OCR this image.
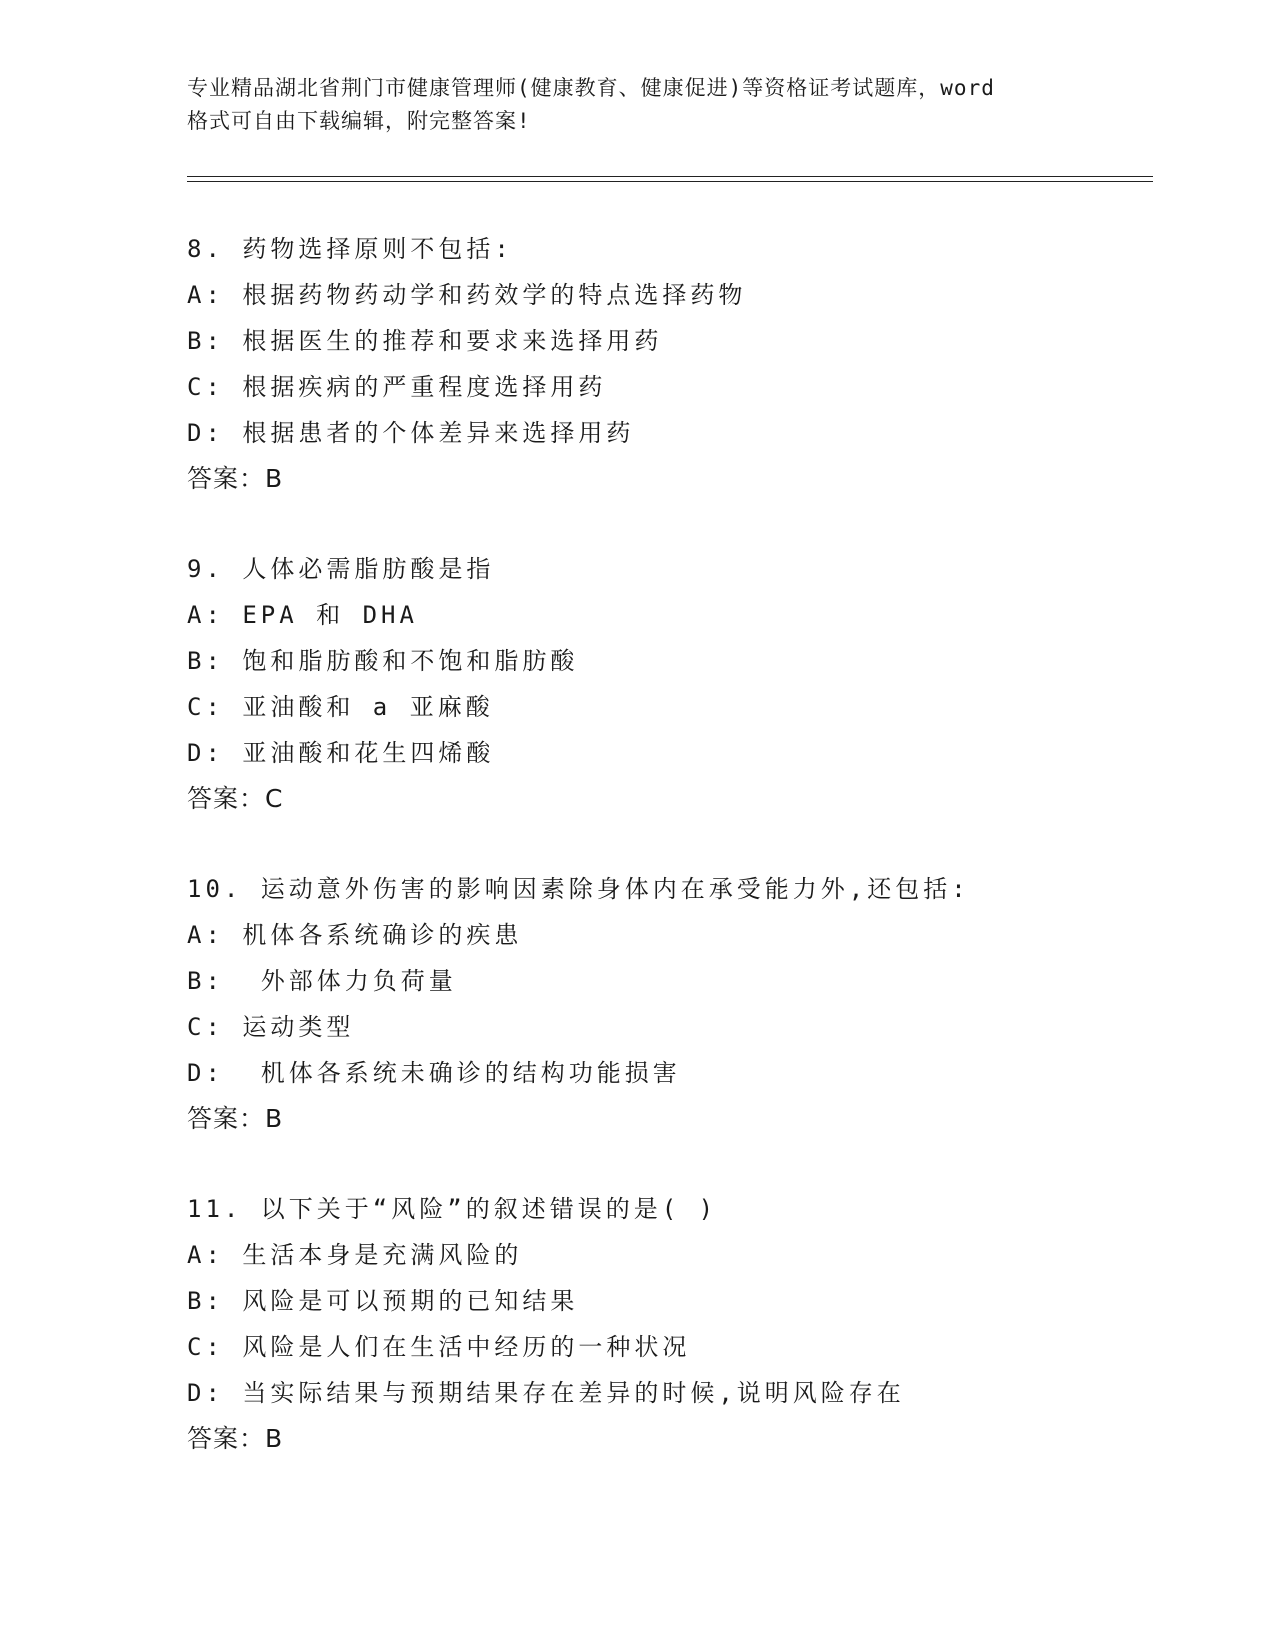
专业精品湖北省荆门市健康管理师(健康教育、健康促进)等资格证考试题库，word
格式可自由下载编辑，附完整答案!
8. 药物选择原则不包括:
A: 根据药物药动学和药效学的特点选择药物
B: 根据医生的推荐和要求来选择用药
C: 根据疾病的严重程度选择用药
D: 根据患者的个体差异来选择用药
答案：B
9. 人体必需脂肪酸是指
A: EPA 和 DHA
B: 饱和脂肪酸和不饱和脂肪酸
C: 亚油酸和 a 亚麻酸
D: 亚油酸和花生四烯酸
答案：C
10. 运动意外伤害的影响因素除身体内在承受能力外,还包括:
A: 机体各系统确诊的疾患
B:  外部体力负荷量
C: 运动类型
D:  机体各系统未确诊的结构功能损害
答案：B
11. 以下关于“风险”的叙述错误的是( )
A: 生活本身是充满风险的
B: 风险是可以预期的已知结果
C: 风险是人们在生活中经历的一种状况
D: 当实际结果与预期结果存在差异的时候,说明风险存在
答案：B
